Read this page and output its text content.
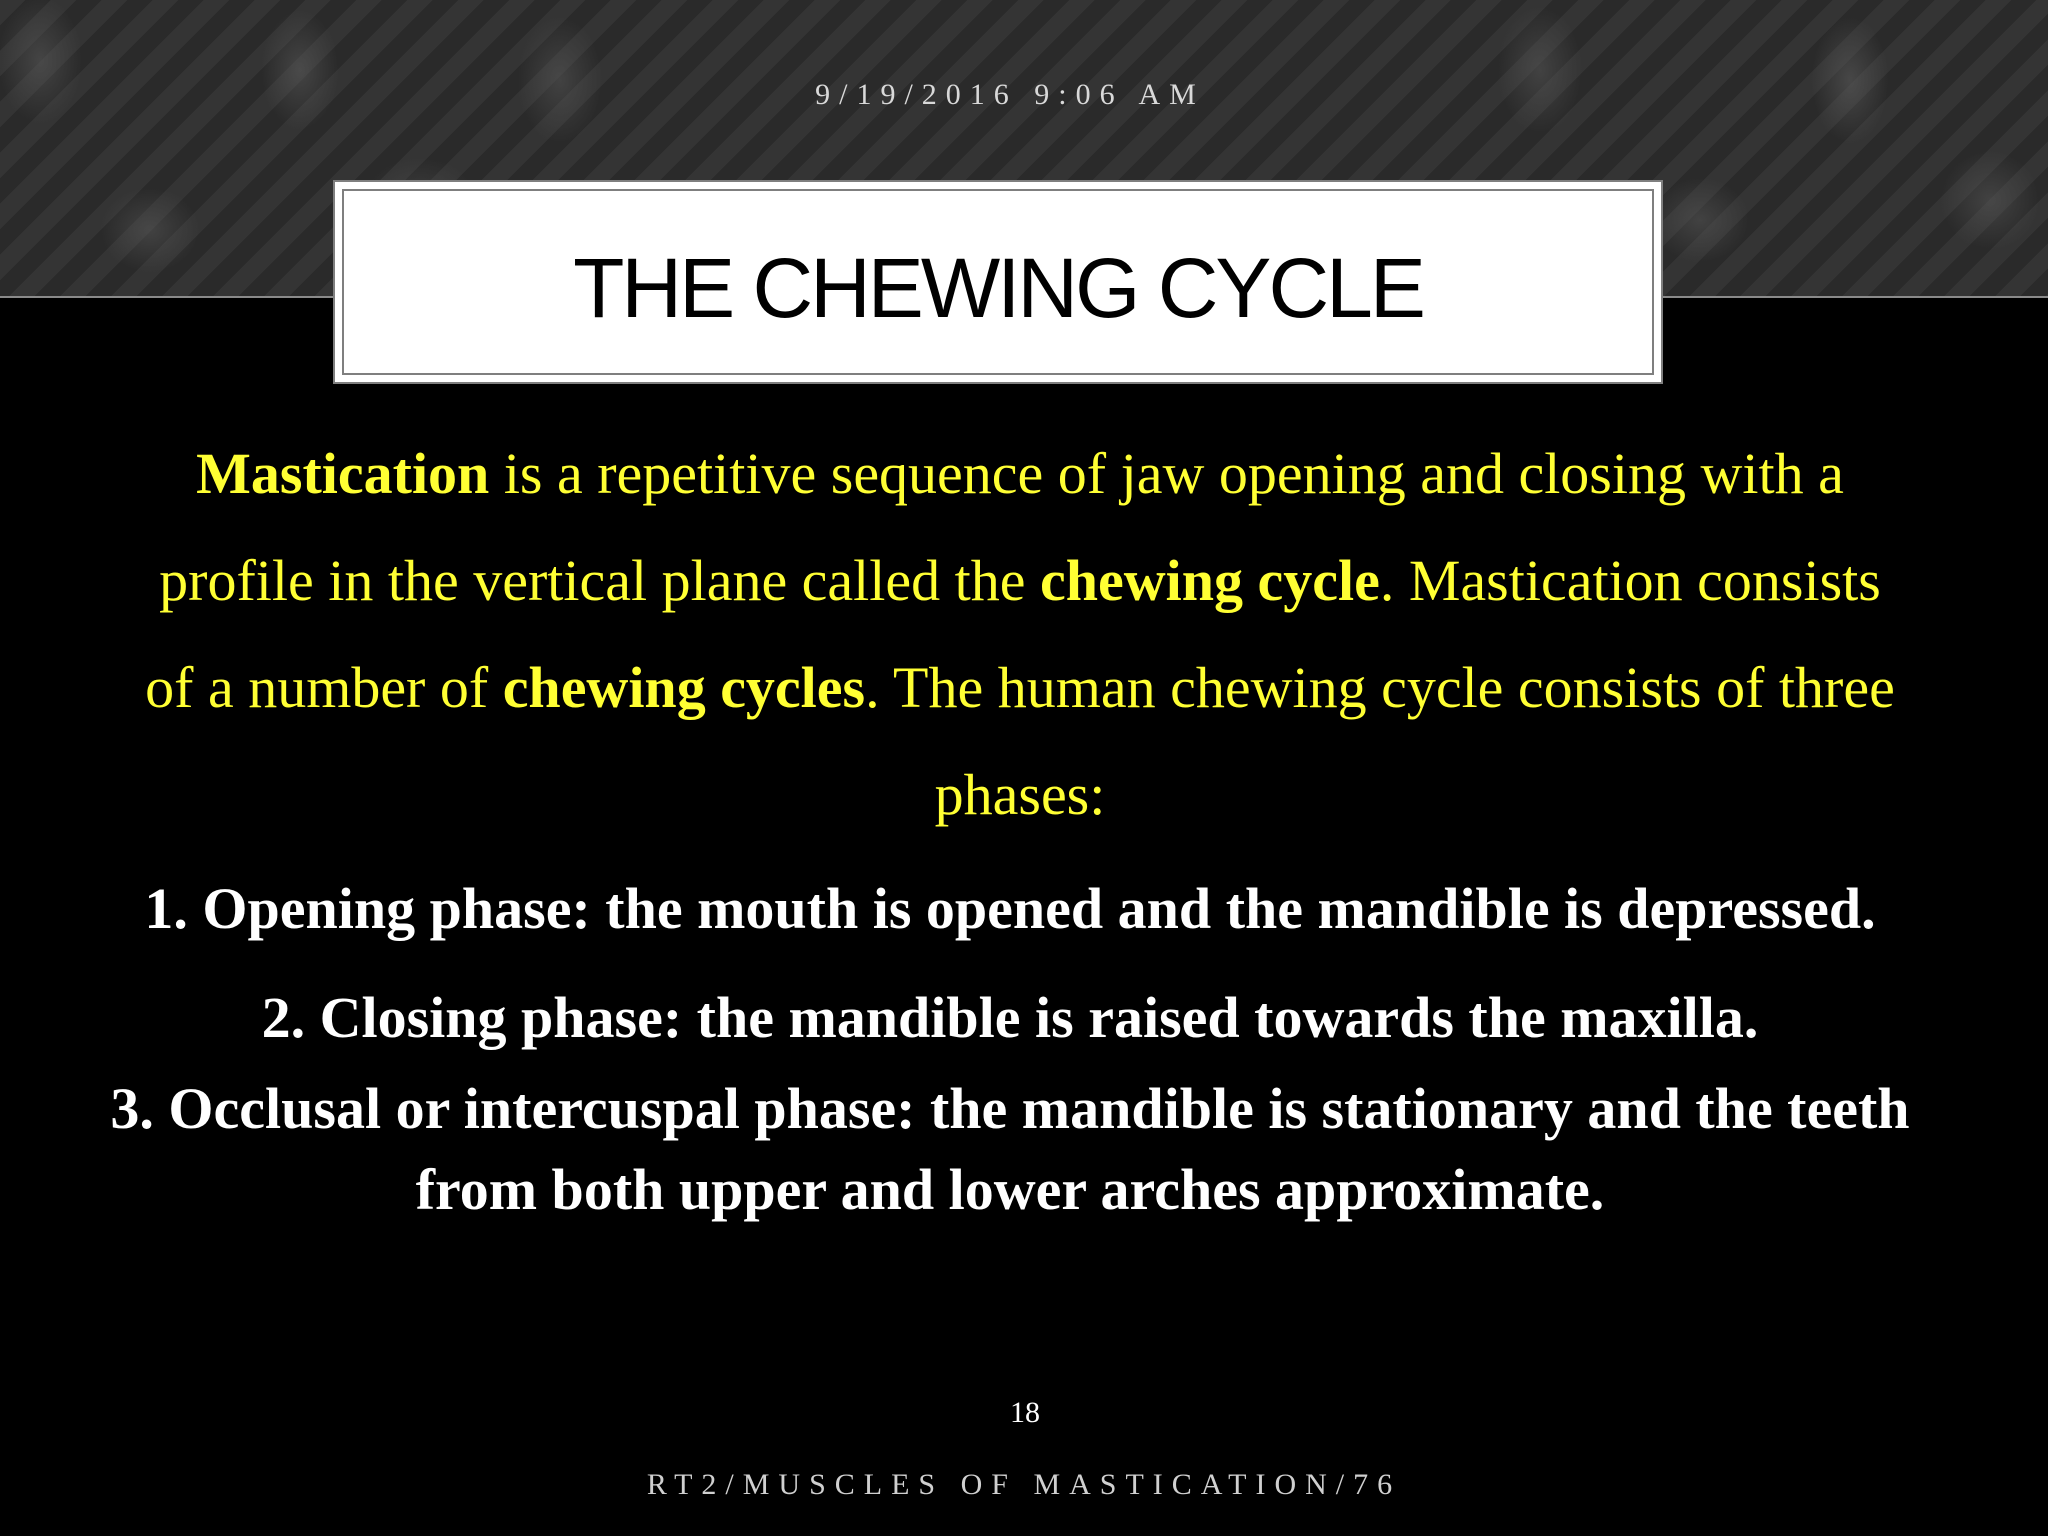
9/19/2016 9:06 AM
THE CHEWING CYCLE

Mastication is a repetitive sequence of jaw opening and closing with a profile in the vertical plane called the chewing cycle. Mastication consists of a number of chewing cycles. The human chewing cycle consists of three phases:

1. Opening phase: the mouth is opened and the mandible is depressed.
2. Closing phase: the mandible is raised towards the maxilla.
3. Occlusal or intercuspal phase: the mandible is stationary and the teeth from both upper and lower arches approximate.
18
RT2/MUSCLES OF MASTICATION/76
